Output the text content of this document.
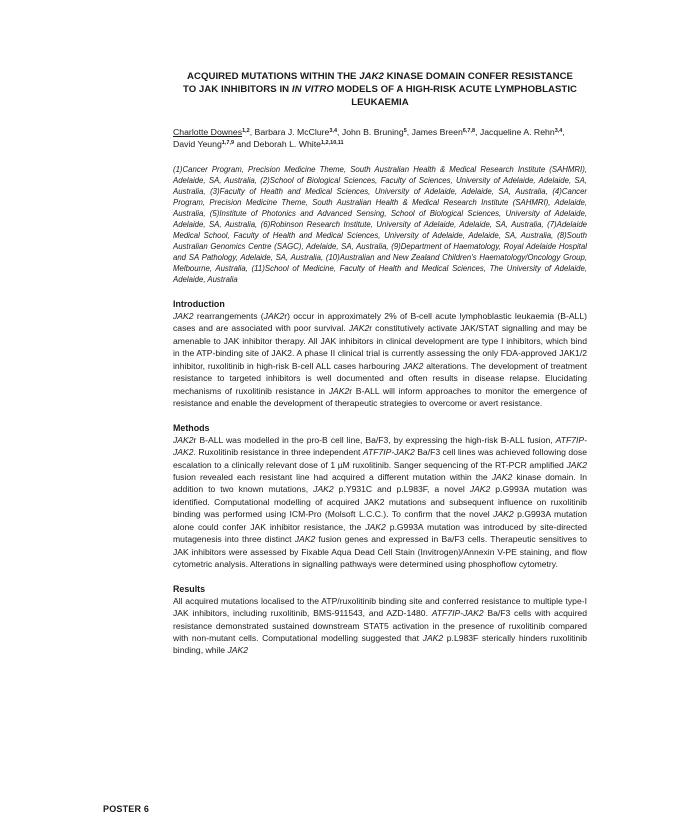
ACQUIRED MUTATIONS WITHIN THE JAK2 KINASE DOMAIN CONFER RESISTANCE
TO JAK INHIBITORS IN IN VITRO MODELS OF A HIGH-RISK ACUTE LYMPHOBLASTIC
LEUKAEMIA

Charlotte Downes$^{1,2}$, Barbara J. McClure$^{3,4}$, John B. Bruning$^5$, James Breen$^{6,7,8}$, Jacqueline A. Rehn$^{3,4}$, David Yeung$^{1,7,9}$ and Deborah L. White$^{1,2,10,11}$

(1)Cancer Program, Precision Medicine Theme, South Australian Health & Medical Research Institute (SAHMRI), Adelaide, SA, Australia, (2)School of Biological Sciences, Faculty of Sciences, University of Adelaide, Adelaide, SA, Australia, (3)Faculty of Health and Medical Sciences, University of Adelaide, Adelaide, SA, Australia, (4)Cancer Program, Precision Medicine Theme, South Australian Health & Medical Research Institute (SAHMRI), Adelaide, Australia, (5)Institute of Photonics and Advanced Sensing, School of Biological Sciences, University of Adelaide, Adelaide, SA, Australia, (6)Robinson Research Institute, University of Adelaide, Adelaide, SA, Australia, (7)Adelaide Medical School, Faculty of Health and Medical Sciences, University of Adelaide, Adelaide, SA, Australia, (8)South Australian Genomics Centre (SAGC), Adelaide, SA, Australia, (9)Department of Haematology, Royal Adelaide Hospital and SA Pathology, Adelaide, SA, Australia, (10)Australian and New Zealand Children's Haematology/Oncology Group, Melbourne, Australia, (11)School of Medicine, Faculty of Health and Medical Sciences, The University of Adelaide, Adelaide, Australia

Introduction

JAK2 rearrangements (JAK2r) occur in approximately 2% of B-cell acute lymphoblastic leukaemia (B-ALL) cases and are associated with poor survival. JAK2r constitutively activate JAK/STAT signalling and may be amenable to JAK inhibitor therapy. All JAK inhibitors in clinical development are type I inhibitors, which bind in the ATP-binding site of JAK2. A phase II clinical trial is currently assessing the only FDA-approved JAK1/2 inhibitor, ruxolitinib in high-risk B-cell ALL cases harbouring JAK2 alterations. The development of treatment resistance to targeted inhibitors is well documented and often results in disease relapse. Elucidating mechanisms of ruxolitinib resistance in JAK2r B-ALL will inform approaches to monitor the emergence of resistance and enable the development of therapeutic strategies to overcome or avert resistance.

Methods

JAK2r B-ALL was modelled in the pro-B cell line, Ba/F3, by expressing the high-risk B-ALL fusion, ATF7IP-JAK2. Ruxolitinib resistance in three independent ATF7IP-JAK2 Ba/F3 cell lines was achieved following dose escalation to a clinically relevant dose of 1 µM ruxolitinib. Sanger sequencing of the RT-PCR amplified JAK2 fusion revealed each resistant line had acquired a different mutation within the JAK2 kinase domain. In addition to two known mutations, JAK2 p.Y931C and p.L983F, a novel JAK2 p.G993A mutation was identified. Computational modelling of acquired JAK2 mutations and subsequent influence on ruxolitinib binding was performed using ICM-Pro (Molsoft L.C.C.). To confirm that the novel JAK2 p.G993A mutation alone could confer JAK inhibitor resistance, the JAK2 p.G993A mutation was introduced by site-directed mutagenesis into three distinct JAK2 fusion genes and expressed in Ba/F3 cells. Therapeutic sensitives to JAK inhibitors were assessed by Fixable Aqua Dead Cell Stain (Invitrogen)/Annexin V-PE staining, and flow cytometric analysis. Alterations in signalling pathways were determined using phosphoflow cytometry.

Results

All acquired mutations localised to the ATP/ruxolitinib binding site and conferred resistance to multiple type-I JAK inhibitors, including ruxolitinib, BMS-911543, and AZD-1480. ATF7IP-JAK2 Ba/F3 cells with acquired resistance demonstrated sustained downstream STAT5 activation in the presence of ruxolitinib compared with non-mutant cells. Computational modelling suggested that JAK2 p.L983F sterically hinders ruxolitinib binding, while JAK2

POSTER 6
